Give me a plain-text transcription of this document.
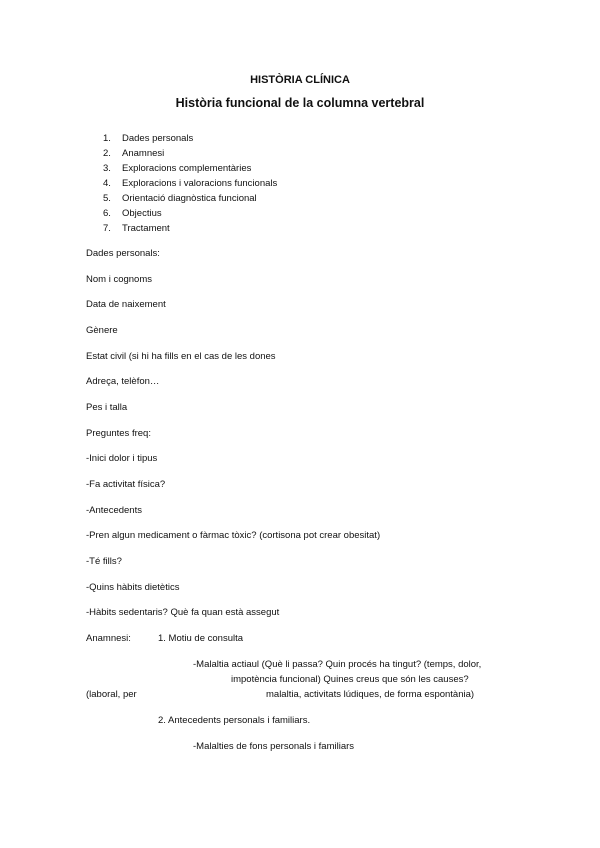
HISTÒRIA CLÍNICA
Història funcional de la columna vertebral
1. Dades personals
2. Anamnesi
3. Exploracions complementàries
4. Exploracions i valoracions funcionals
5. Orientació diagnòstica funcional
6. Objectius
7. Tractament
Dades personals:
Nom i cognoms
Data de naixement
Gènere
Estat civil (si hi ha fills en el cas de les dones
Adreça, telèfon…
Pes i talla
Preguntes freq:
-Inici dolor i tipus
-Fa activitat física?
-Antecedents
-Pren algun medicament o fàrmac tòxic? (cortisona pot crear obesitat)
-Té fills?
-Quins hàbits dietètics
-Hàbits sedentaris? Què fa quan està assegut
Anamnesi:	1. Motiu de consulta
-Malaltia actiaul (Què li passa? Quin procés ha tingut? (temps, dolor,
impotència funcional) Quines creus que són les causes?
(laboral, per	malaltia, activitats lúdiques, de forma espontània)
2. Antecedents personals i familiars.
-Malalties de fons personals i familiars
